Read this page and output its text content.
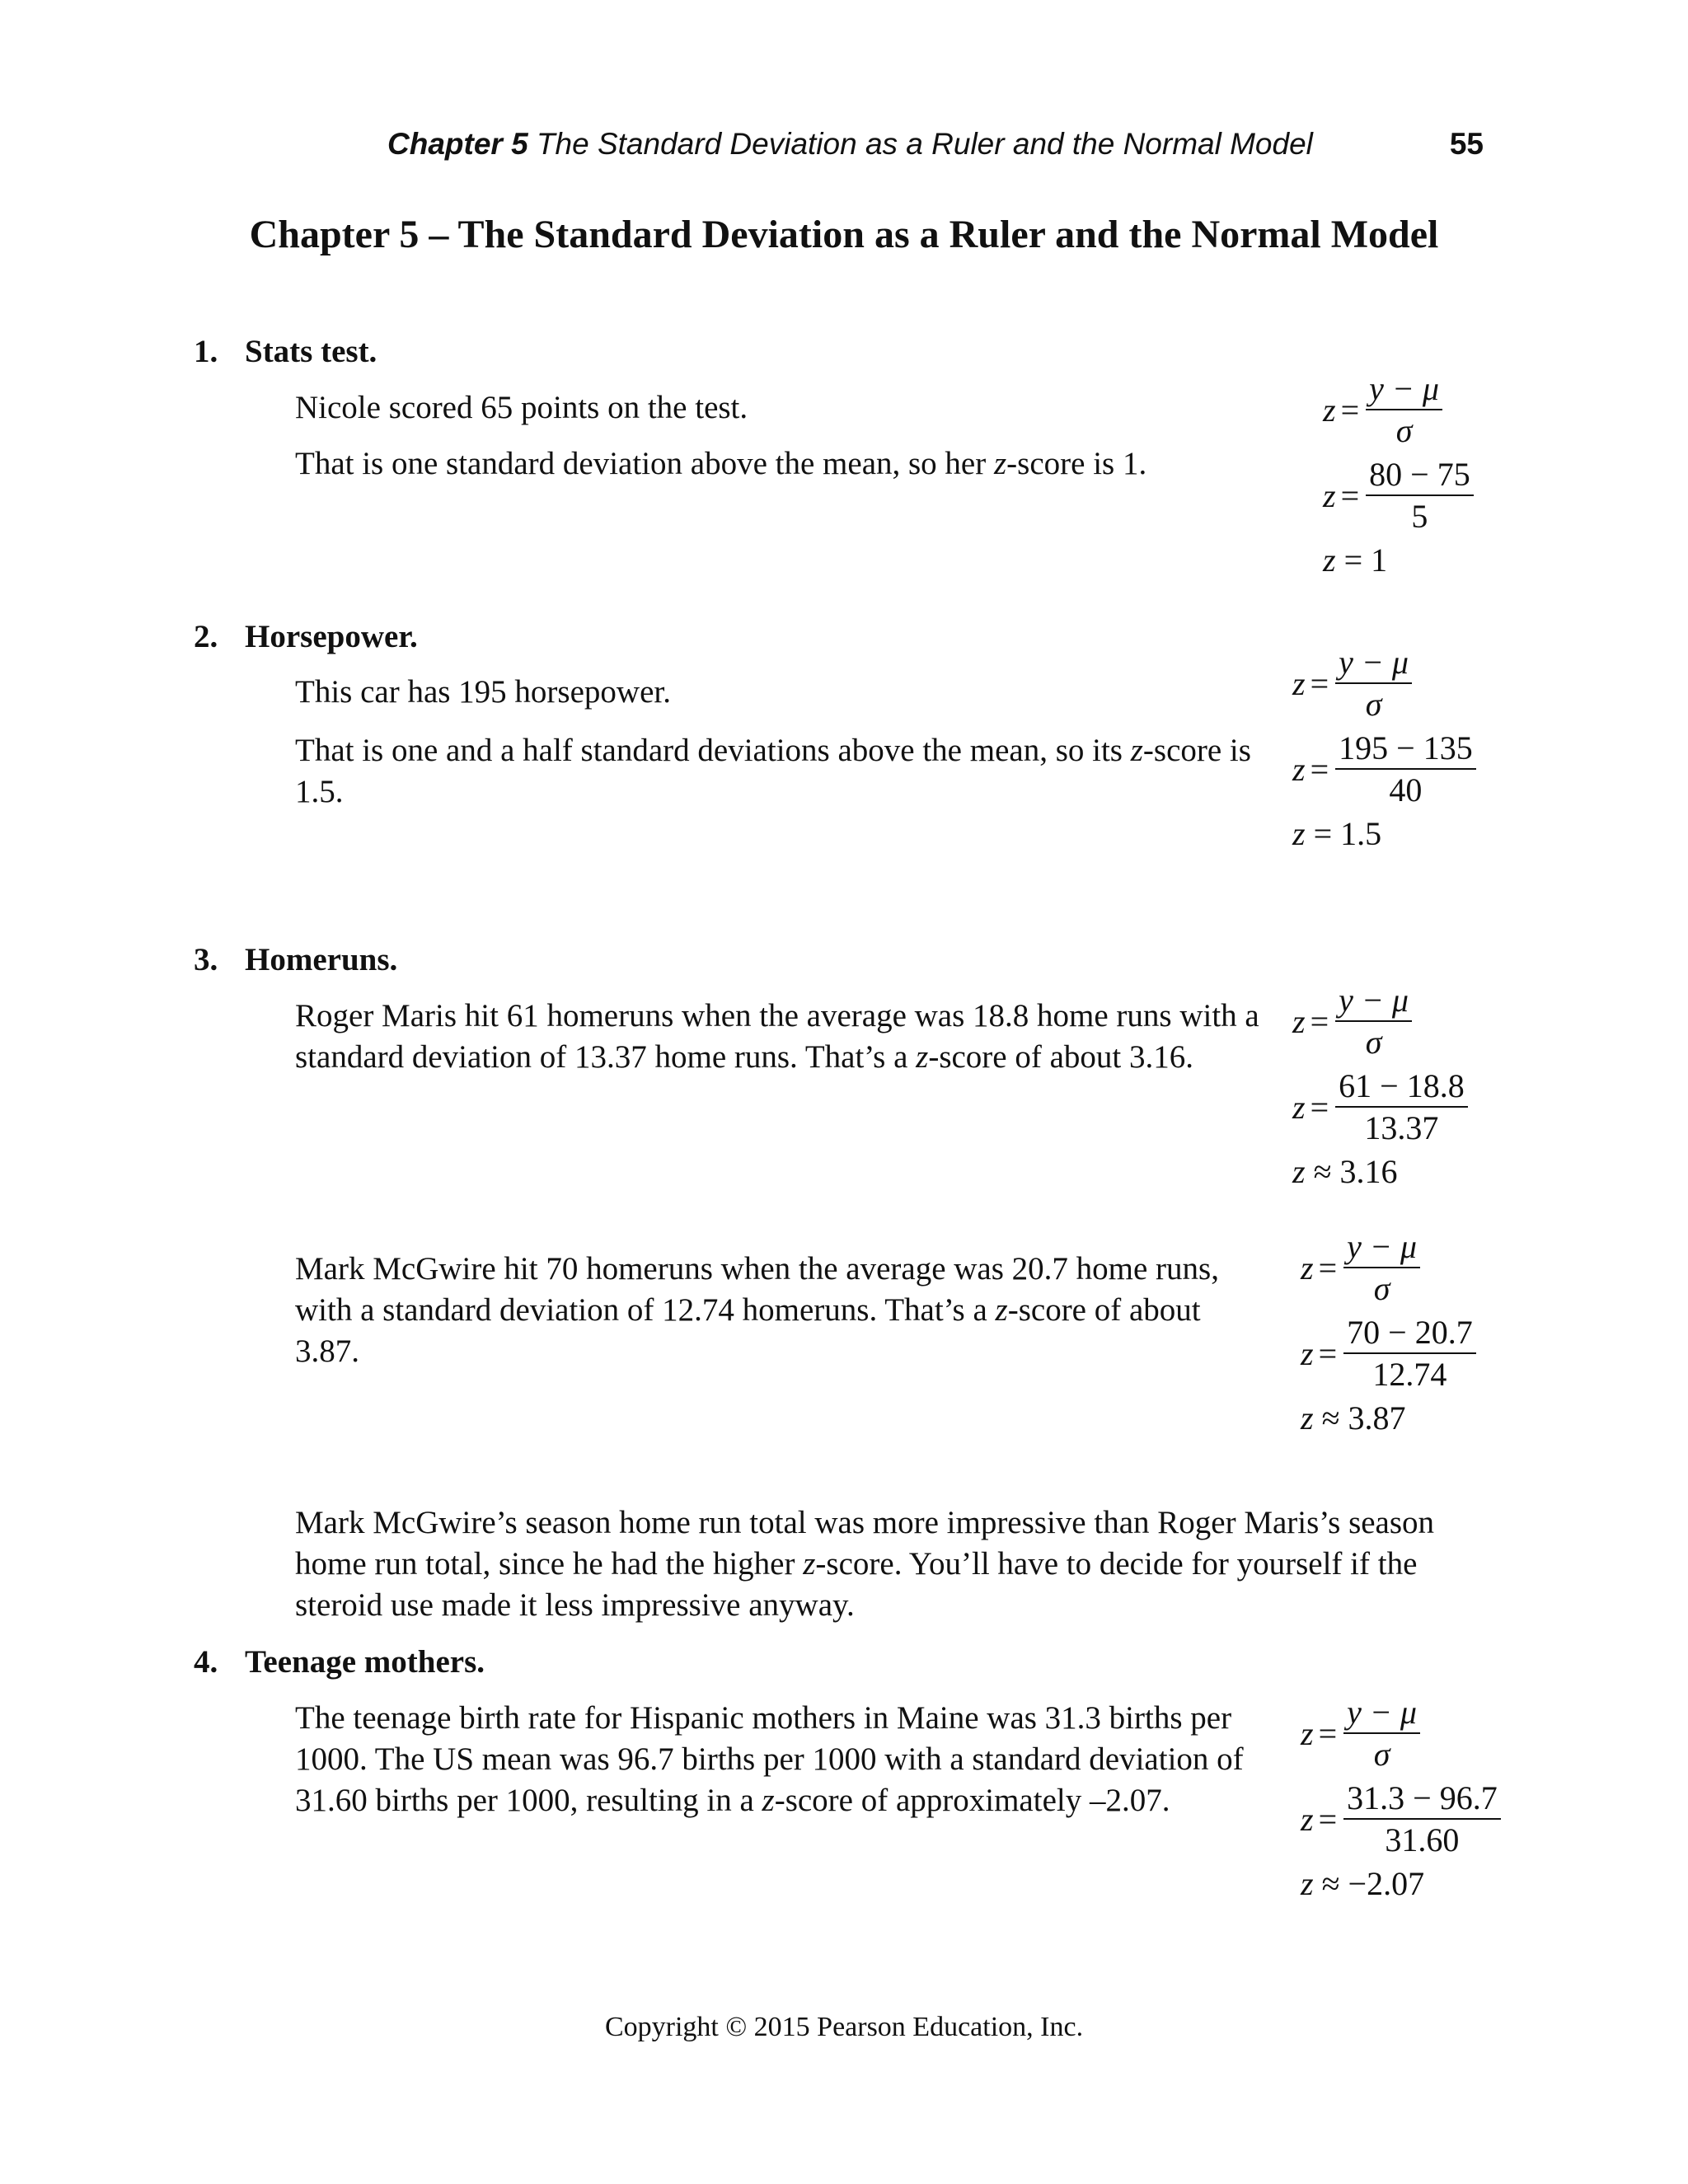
Chapter 5 The Standard Deviation as a Ruler and the Normal Model	55
Chapter 5 – The Standard Deviation as a Ruler and the Normal Model
1. Stats test.
Nicole scored 65 points on the test.
That is one standard deviation above the mean, so her z-score is 1.
$z = \frac{y - \mu}{\sigma}$
$z = \frac{80 - 75}{5}$
z = 1
2. Horsepower.
This car has 195 horsepower.
That is one and a half standard deviations above the mean, so its z-score is 1.5.
$z = \frac{y - \mu}{\sigma}$
$z = \frac{195 - 135}{40}$
z = 1.5
3. Homeruns.
Roger Maris hit 61 homeruns when the average was 18.8 home runs with a standard deviation of 13.37 home runs. That’s a z-score of about 3.16.
$z = \frac{y - \mu}{\sigma}$
$z = \frac{61 - 18.8}{13.37}$
z ≈ 3.16
Mark McGwire hit 70 homeruns when the average was 20.7 home runs, with a standard deviation of 12.74 homeruns. That’s a z-score of about 3.87.
$z = \frac{y - \mu}{\sigma}$
$z = \frac{70 - 20.7}{12.74}$
z ≈ 3.87
Mark McGwire’s season home run total was more impressive than Roger Maris’s season home run total, since he had the higher z-score. You’ll have to decide for yourself if the steroid use made it less impressive anyway.
4. Teenage mothers.
The teenage birth rate for Hispanic mothers in Maine was 31.3 births per 1000. The US mean was 96.7 births per 1000 with a standard deviation of 31.60 births per 1000, resulting in a z-score of approximately –2.07.
$z = \frac{y - \mu}{\sigma}$
$z = \frac{31.3 - 96.7}{31.60}$
z ≈ −2.07
Copyright © 2015 Pearson Education, Inc.
